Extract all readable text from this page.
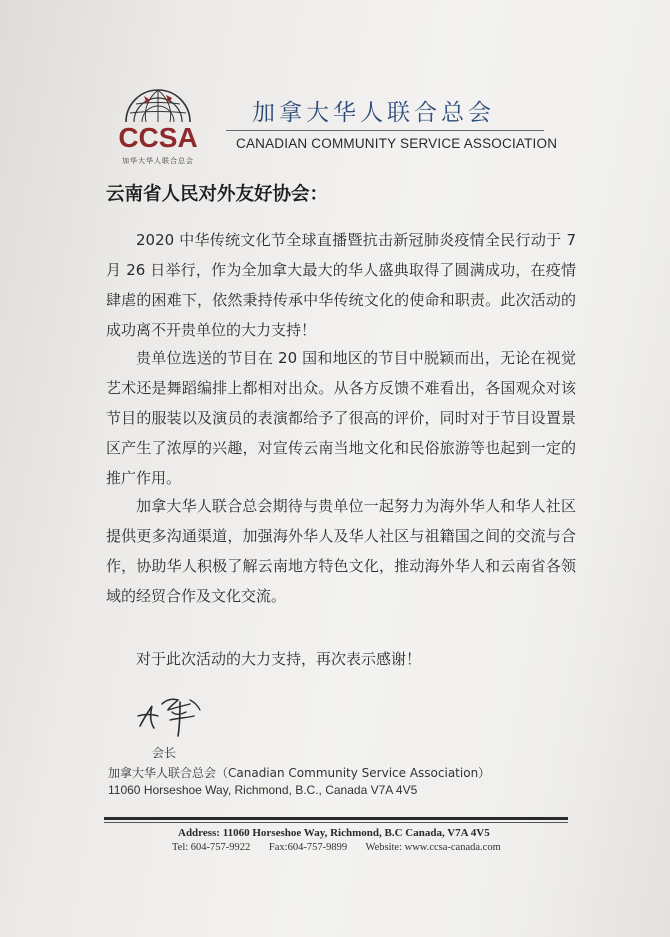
CCSA
加华大华人联合总会
加拿大华人联合总会
CANADIAN COMMUNITY SERVICE ASSOCIATION
云南省人民对外友好协会：

2020 中华传统文化节全球直播暨抗击新冠肺炎疫情全民行动于 7 月 26 日举行，作为全加拿大最大的华人盛典取得了圆满成功，在疫情肆虐的困难下，依然秉持传承中华传统文化的使命和职责。此次活动的成功离不开贵单位的大力支持！

贵单位选送的节目在 20 国和地区的节目中脱颖而出，无论在视觉艺术还是舞蹈编排上都相对出众。从各方反馈不难看出，各国观众对该节目的服装以及演员的表演都给予了很高的评价，同时对于节目设置景区产生了浓厚的兴趣，对宣传云南当地文化和民俗旅游等也起到一定的推广作用。

加拿大华人联合总会期待与贵单位一起努力为海外华人和华人社区提供更多沟通渠道，加强海外华人及华人社区与祖籍国之间的交流与合作，协助华人积极了解云南地方特色文化，推动海外华人和云南省各领域的经贸合作及文化交流。

对于此次活动的大力支持，再次表示感谢！

会长
加拿大华人联合总会（Canadian Community Service Association）
11060 Horseshoe Way, Richmond, B.C., Canada V7A 4V5
Address: 11060 Horseshoe Way, Richmond, B.C Canada, V7A 4V5
Tel: 604-757-9922 Fax:604-757-9899 Website: www.ccsa-canada.com
